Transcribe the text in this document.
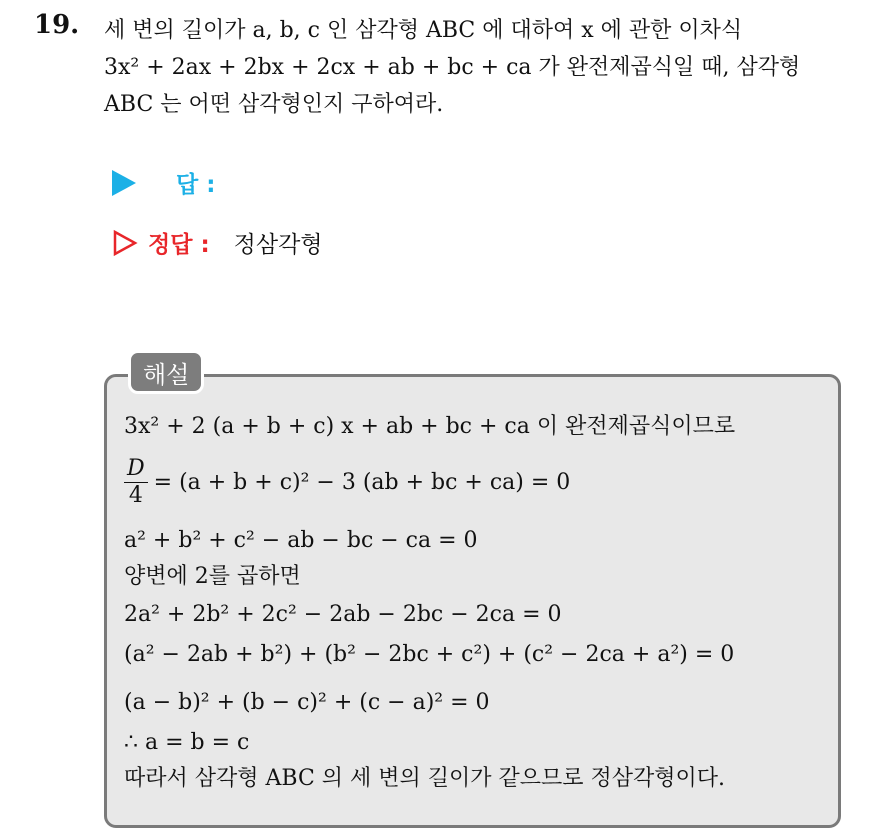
19. 세 변의 길이가 a, b, c 인 삼각형 ABC 에 대하여 x 에 관한 이차식
3x² + 2ax + 2bx + 2cx + ab + bc + ca 가 완전제곱식일 때, 삼각형
ABC 는 어떤 삼각형인지 구하여라.
답 :
정답 : 정삼각형
해설
3x² + 2 (a + b + c) x + ab + bc + ca 이 완전제곱식이므로
$\frac{D}{4} = (a + b + c)^2 - 3$ (ab + bc + ca) = 0
a² + b² + c² − ab − bc − ca = 0
양변에 2를 곱하면
2a² + 2b² + 2c² − 2ab − 2bc − 2ca = 0
(a² − 2ab + b²) + (b² − 2bc + c²) + (c² − 2ca + a²) = 0
(a − b)² + (b − c)² + (c − a)² = 0
∴ a = b = c
따라서 삼각형 ABC 의 세 변의 길이가 같으므로 정삼각형이다.
